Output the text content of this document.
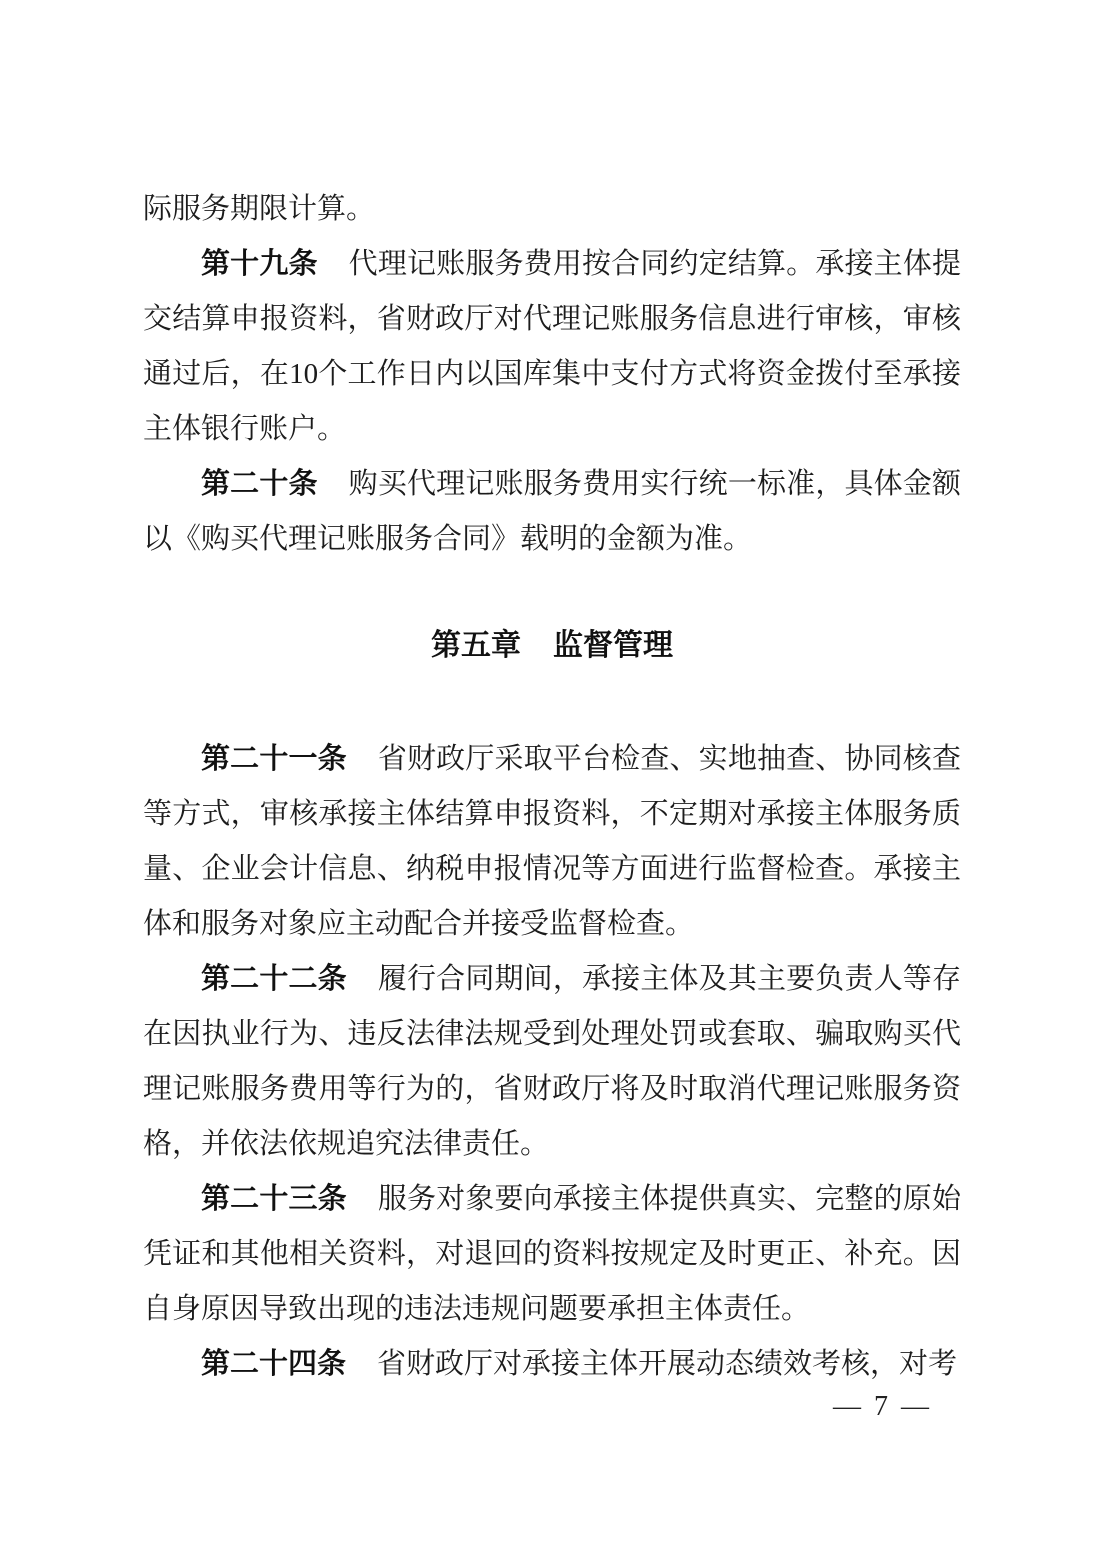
际服务期限计算。

第十九条 代理记账服务费用按合同约定结算。承接主体提交结算申报资料，省财政厅对代理记账服务信息进行审核，审核通过后，在10个工作日内以国库集中支付方式将资金拨付至承接主体银行账户。

第二十条 购买代理记账服务费用实行统一标准，具体金额以《购买代理记账服务合同》载明的金额为准。

第五章 监督管理

第二十一条 省财政厅采取平台检查、实地抽查、协同核查等方式，审核承接主体结算申报资料，不定期对承接主体服务质量、企业会计信息、纳税申报情况等方面进行监督检查。承接主体和服务对象应主动配合并接受监督检查。

第二十二条 履行合同期间，承接主体及其主要负责人等存在因执业行为、违反法律法规受到处理处罚或套取、骗取购买代理记账服务费用等行为的，省财政厅将及时取消代理记账服务资格，并依法依规追究法律责任。

第二十三条 服务对象要向承接主体提供真实、完整的原始凭证和其他相关资料，对退回的资料按规定及时更正、补充。因自身原因导致出现的违法违规问题要承担主体责任。

第二十四条 省财政厅对承接主体开展动态绩效考核，对考

— 7 —
